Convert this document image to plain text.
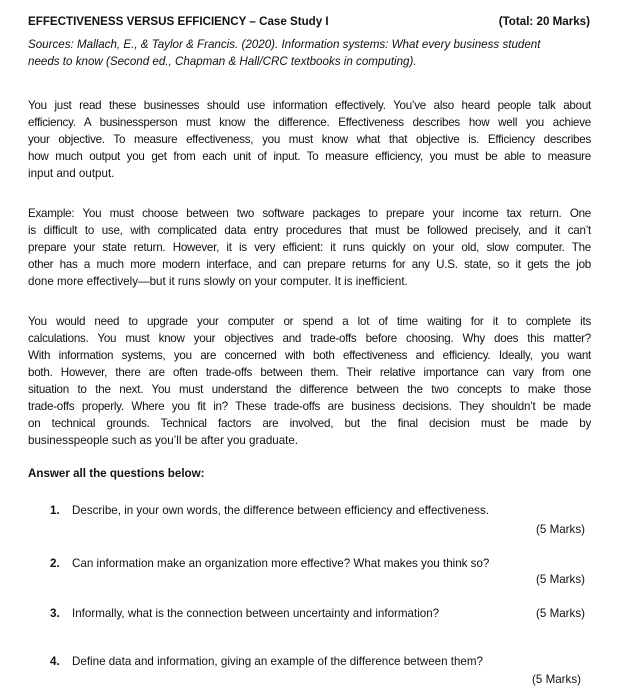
EFFECTIVENESS VERSUS EFFICIENCY – Case Study I	(Total: 20 Marks)
Sources: Mallach, E., & Taylor & Francis. (2020). Information systems: What every business student
needs to know (Second ed., Chapman & Hall/CRC textbooks in computing).
You just read these businesses should use information effectively. You’ve also heard people talk about
efficiency. A businessperson must know the difference. Effectiveness describes how well you achieve
your objective. To measure effectiveness, you must know what that objective is. Efficiency describes
how much output you get from each unit of input. To measure efficiency, you must be able to measure
input and output.
Example: You must choose between two software packages to prepare your income tax return. One
is difficult to use, with complicated data entry procedures that must be followed precisely, and it can’t
prepare your state return. However, it is very efficient: it runs quickly on your old, slow computer. The
other has a much more modern interface, and can prepare returns for any U.S. state, so it gets the job
done more effectively—but it runs slowly on your computer. It is inefficient.
You would need to upgrade your computer or spend a lot of time waiting for it to complete its
calculations. You must know your objectives and trade-offs before choosing. Why does this matter?
With information systems, you are concerned with both effectiveness and efficiency. Ideally, you want
both. However, there are often trade-offs between them. Their relative importance can vary from one
situation to the next. You must understand the difference between the two concepts to make those
trade-offs properly. Where you fit in? These trade-offs are business decisions. They shouldn’t be made
on technical grounds. Technical factors are involved, but the final decision must be made by
businesspeople such as you’ll be after you graduate.
Answer all the questions below:
1. Describe, in your own words, the difference between efficiency and effectiveness.
(5 Marks)
2. Can information make an organization more effective? What makes you think so?
(5 Marks)
3. Informally, what is the connection between uncertainty and information?	(5 Marks)
4. Define data and information, giving an example of the difference between them?
(5 Marks)
